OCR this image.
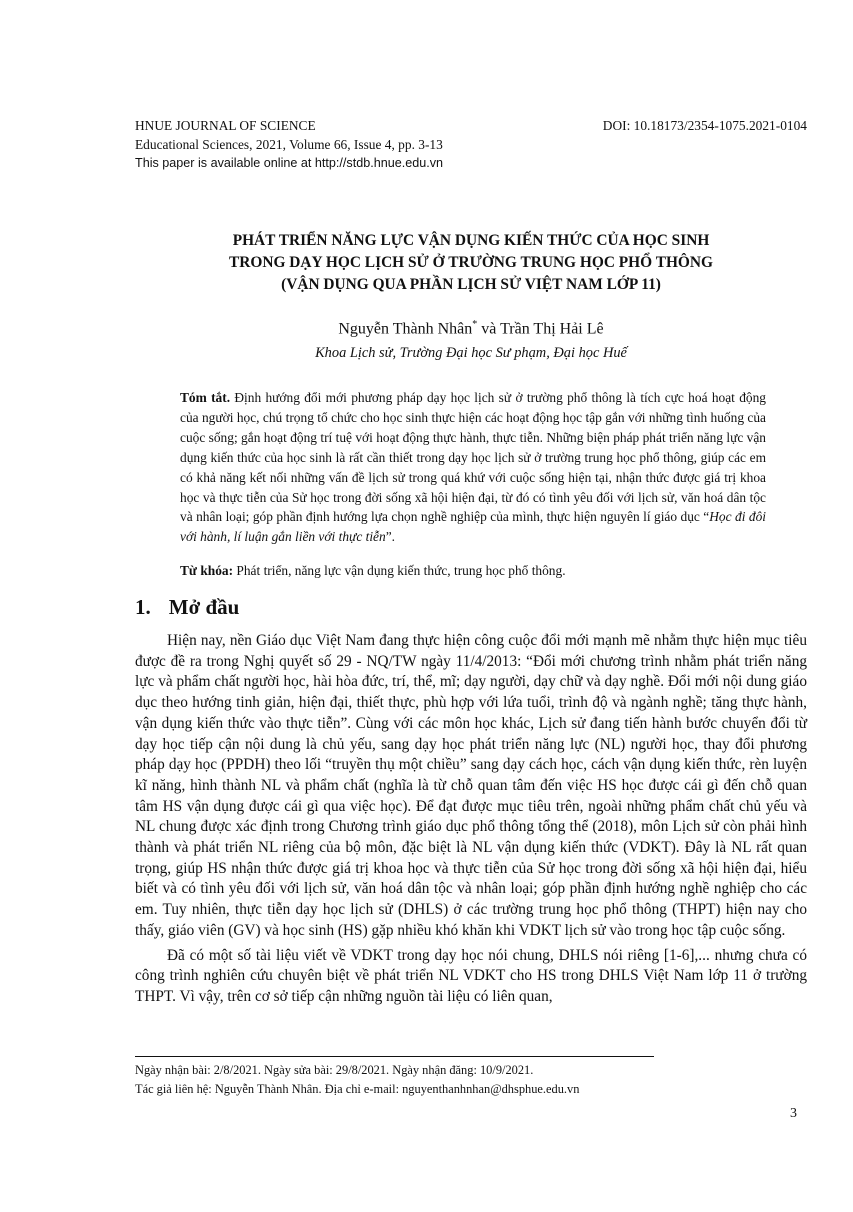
HNUE JOURNAL OF SCIENCE	DOI: 10.18173/2354-1075.2021-0104
Educational Sciences, 2021, Volume 66, Issue 4, pp. 3-13
This paper is available online at http://stdb.hnue.edu.vn
PHÁT TRIỂN NĂNG LỰC VẬN DỤNG KIẾN THỨC CỦA HỌC SINH
TRONG DẠY HỌC LỊCH SỬ Ở TRƯỜNG TRUNG HỌC PHỔ THÔNG
(VẬN DỤNG QUA PHẦN LỊCH SỬ VIỆT NAM LỚP 11)
Nguyễn Thành Nhân* và Trần Thị Hải Lê
Khoa Lịch sử, Trường Đại học Sư phạm, Đại học Huế
Tóm tắt. Định hướng đổi mới phương pháp dạy học lịch sử ở trường phổ thông là tích cực hoá hoạt động của người học, chú trọng tổ chức cho học sinh thực hiện các hoạt động học tập gắn với những tình huống của cuộc sống; gắn hoạt động trí tuệ với hoạt động thực hành, thực tiễn. Những biện pháp phát triển năng lực vận dụng kiến thức của học sinh là rất cần thiết trong dạy học lịch sử ở trường trung học phổ thông, giúp các em có khả năng kết nối những vấn đề lịch sử trong quá khứ với cuộc sống hiện tại, nhận thức được giá trị khoa học và thực tiễn của Sử học trong đời sống xã hội hiện đại, từ đó có tình yêu đối với lịch sử, văn hoá dân tộc và nhân loại; góp phần định hướng lựa chọn nghề nghiệp của mình, thực hiện nguyên lí giáo dục “Học đi đôi với hành, lí luận gắn liền với thực tiễn”.
Từ khóa: Phát triển, năng lực vận dụng kiến thức, trung học phổ thông.
1. Mở đầu

Hiện nay, nền Giáo dục Việt Nam đang thực hiện công cuộc đổi mới mạnh mẽ nhằm thực hiện mục tiêu được đề ra trong Nghị quyết số 29 - NQ/TW ngày 11/4/2013: “Đổi mới chương trình nhằm phát triển năng lực và phẩm chất người học, hài hòa đức, trí, thể, mĩ; dạy người, dạy chữ và dạy nghề. Đổi mới nội dung giáo dục theo hướng tinh giản, hiện đại, thiết thực, phù hợp với lứa tuổi, trình độ và ngành nghề; tăng thực hành, vận dụng kiến thức vào thực tiễn”. Cùng với các môn học khác, Lịch sử đang tiến hành bước chuyển đổi từ dạy học tiếp cận nội dung là chủ yếu, sang dạy học phát triển năng lực (NL) người học, thay đổi phương pháp dạy học (PPDH) theo lối “truyền thụ một chiều” sang dạy cách học, cách vận dụng kiến thức, rèn luyện kĩ năng, hình thành NL và phẩm chất (nghĩa là từ chỗ quan tâm đến việc HS học được cái gì đến chỗ quan tâm HS vận dụng được cái gì qua việc học). Để đạt được mục tiêu trên, ngoài những phẩm chất chủ yếu và NL chung được xác định trong Chương trình giáo dục phổ thông tổng thể (2018), môn Lịch sử còn phải hình thành và phát triển NL riêng của bộ môn, đặc biệt là NL vận dụng kiến thức (VDKT). Đây là NL rất quan trọng, giúp HS nhận thức được giá trị khoa học và thực tiễn của Sử học trong đời sống xã hội hiện đại, hiểu biết và có tình yêu đối với lịch sử, văn hoá dân tộc và nhân loại; góp phần định hướng nghề nghiệp cho các em. Tuy nhiên, thực tiễn dạy học lịch sử (DHLS) ở các trường trung học phổ thông (THPT) hiện nay cho thấy, giáo viên (GV) và học sinh (HS) gặp nhiều khó khăn khi VDKT lịch sử vào trong học tập cuộc sống.

Đã có một số tài liệu viết về VDKT trong dạy học nói chung, DHLS nói riêng [1-6],... nhưng chưa có công trình nghiên cứu chuyên biệt về phát triển NL VDKT cho HS trong DHLS Việt Nam lớp 11 ở trường THPT. Vì vậy, trên cơ sở tiếp cận những nguồn tài liệu có liên quan,

Ngày nhận bài: 2/8/2021. Ngày sửa bài: 29/8/2021. Ngày nhận đăng: 10/9/2021.
Tác giả liên hệ: Nguyễn Thành Nhân. Địa chỉ e-mail: nguyenthanhnhan@dhsphue.edu.vn
3
